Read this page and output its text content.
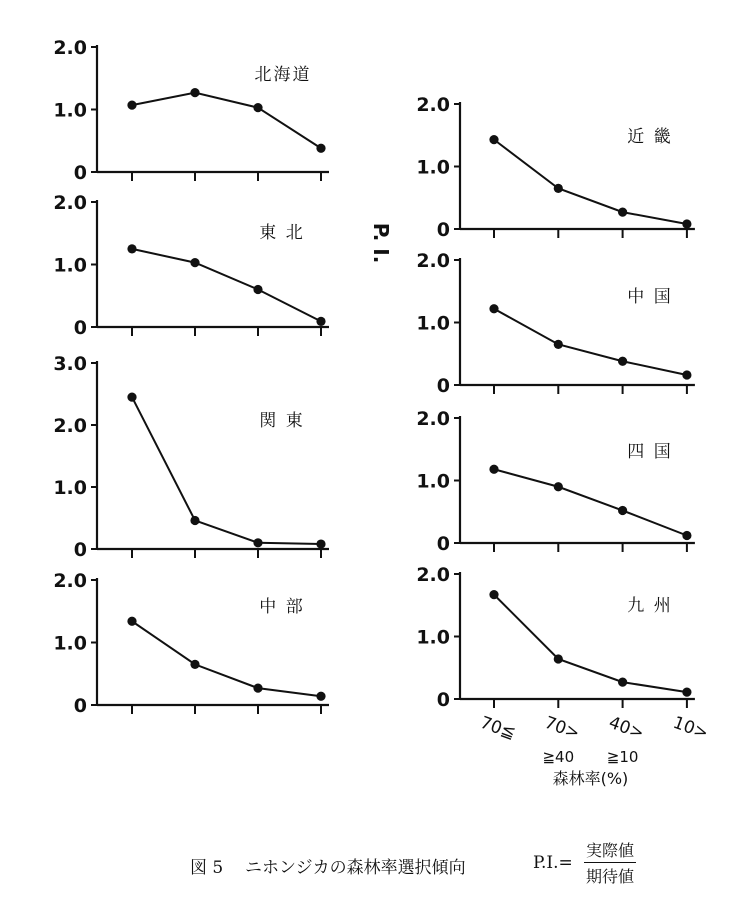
0
1.0
2.0
北海道
0
1.0
2.0
東 北
0
1.0
2.0
3.0
関 東
0
1.0
2.0
中 部
0
1.0
2.0
近 畿
0
1.0
2.0
中 国
0
1.0
2.0
四 国
0
1.0
2.0
九 州
P. I.
70≦ 70> 40> 10>
≧40 ≧10
森林率(%)
図 5 ニホンジカの森林率選択傾向	P.I.=
実際値
期待値
